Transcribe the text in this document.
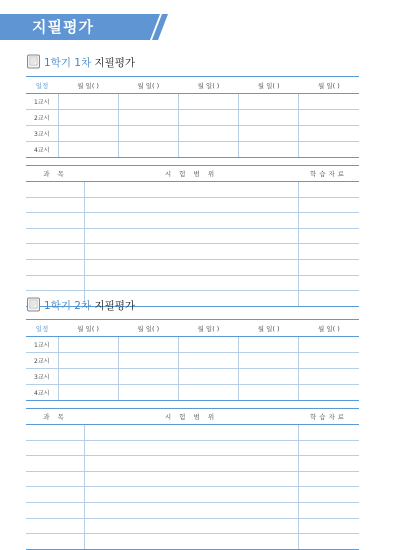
지필평가
1학기 1차 지필평가
일정	월 일( )	월 일( )	월 일( )	월 일( )	월 일( )
1교시					
2교시					
3교시					
4교시					
과 목	시 험 범 위	학습자료

1학기 2차 지필평가
일정	월 일( )	월 일( )	월 일( )	월 일( )	월 일( )
1교시					
2교시					
3교시					
4교시					
과 목	시 험 범 위	학습자료
